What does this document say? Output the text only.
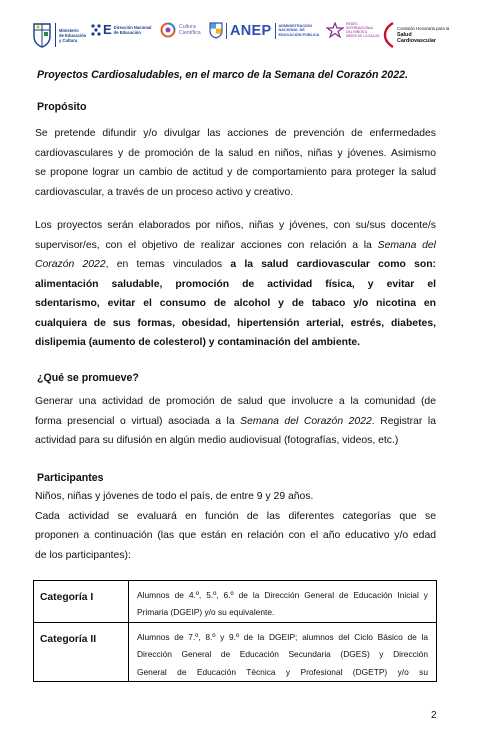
Ministerio
de Educación
y Cultura
E Dirección Nacional
de Educación
Cultura
Científica ANEP ADMINISTRACIÓN
NACIONAL DE
EDUCACIÓN PÚBLICA
REDES
INTERNACIONAL
DEL NIÑOS A
NIÑOS DE LA SALUD
Comisión Honoraria para la
Salud Cardiovascular
Proyectos Cardiosaludables, en el marco de la Semana del Corazón 2022.
Propósito
Se pretende difundir y/o divulgar las acciones de prevención de enfermedades
cardiovasculares y de promoción de la salud en niños, niñas y jóvenes. Asimismo
se propone lograr un cambio de actitud y de comportamiento para proteger la salud
cardiovascular, a través de un proceso activo y creativo.
Los proyectos serán elaborados por niños, niñas y jóvenes, con su/sus docente/s
supervisor/es, con el objetivo de realizar acciones con relación a la Semana del
Corazón 2022, en temas vinculados a la salud cardiovascular como son:
alimentación saludable, promoción de actividad física, y evitar el
sdentarismo, evitar el consumo de alcohol y de tabaco y/o nicotina en
cualquiera de sus formas, obesidad, hipertensión arterial, estrés, diabetes,
dislipemia (aumento de colesterol) y contaminación del ambiente.
¿Qué se promueve?
Generar una actividad de promoción de salud que involucre a la comunidad (de
forma presencial o virtual) asociada a la Semana del Corazón 2022. Registrar la
actividad para su difusión en algún medio audiovisual (fotografías, videos, etc.)
Participantes
Niños, niñas y jóvenes de todo el país, de entre 9 y 29 años.
Cada actividad se evaluará en función de las diferentes categorías que se
proponen a continuación (las que están en relación con el año educativo y/o edad
de los participantes):
Categoría I	Alumnos de 4.º, 5.º, 6.º de la Dirección General de Educación Inicial y
Primaria (DGEIP) y/o su equivalente.

Categoría II	Alumnos de 7.º, 8.º y 9.º de la DGEIP; alumnos del Ciclo Básico de la
Dirección General de Educación Secundaria (DGES) y Dirección
General de Educación Técnica y Profesional (DGETP) y/o su
2
